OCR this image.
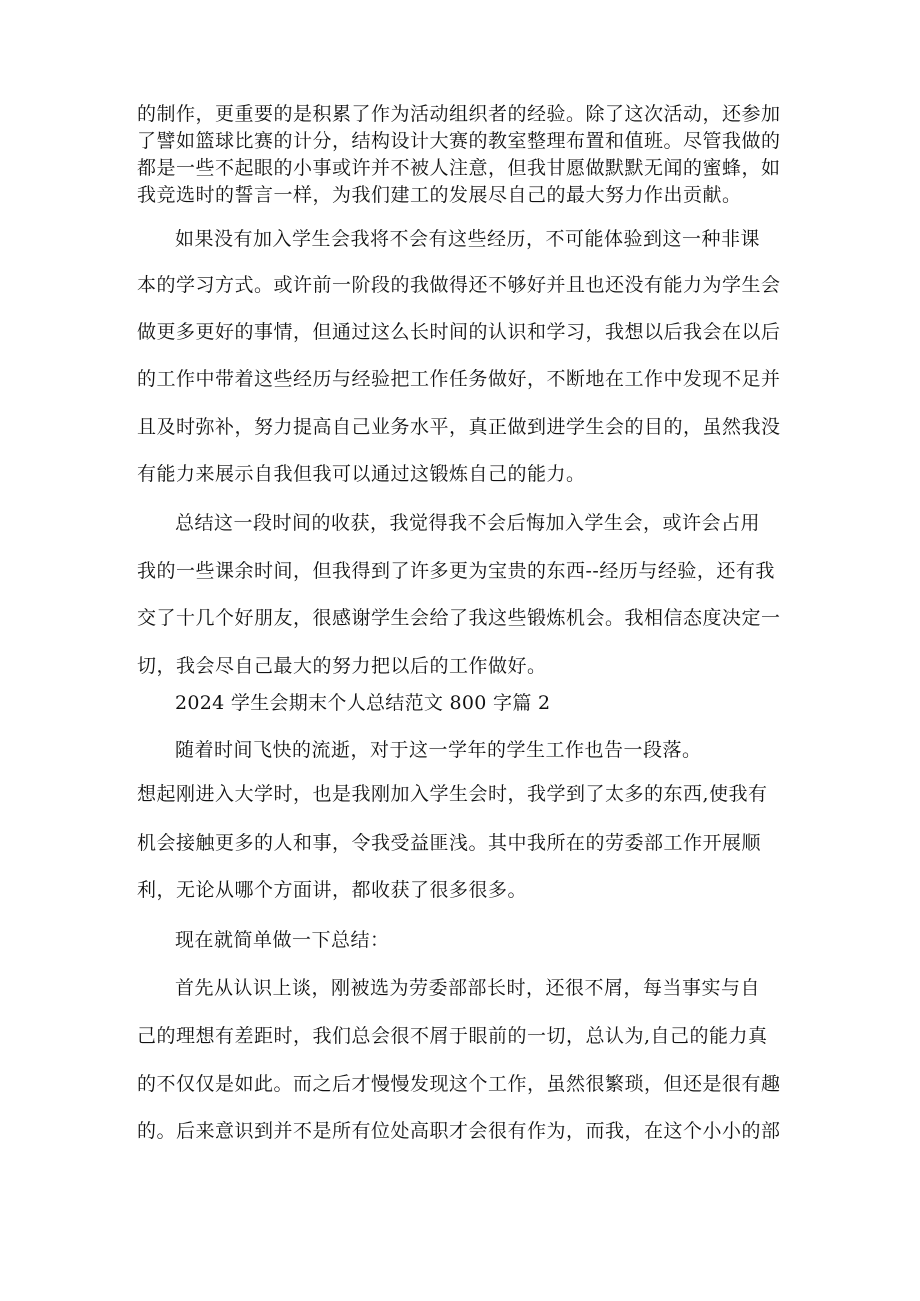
的制作，更重要的是积累了作为活动组织者的经验。除了这次活动，还参加
了譬如篮球比赛的计分，结构设计大赛的教室整理布置和值班。尽管我做的
都是一些不起眼的小事或许并不被人注意，但我甘愿做默默无闻的蜜蜂，如
我竞选时的誓言一样，为我们建工的发展尽自己的最大努力作出贡献。
如果没有加入学生会我将不会有这些经历，不可能体验到这一种非课
本的学习方式。或许前一阶段的我做得还不够好并且也还没有能力为学生会
做更多更好的事情，但通过这么长时间的认识和学习，我想以后我会在以后
的工作中带着这些经历与经验把工作任务做好，不断地在工作中发现不足并
且及时弥补，努力提高自己业务水平，真正做到进学生会的目的，虽然我没
有能力来展示自我但我可以通过这锻炼自己的能力。
总结这一段时间的收获，我觉得我不会后悔加入学生会，或许会占用
我的一些课余时间，但我得到了许多更为宝贵的东西--经历与经验，还有我
交了十几个好朋友，很感谢学生会给了我这些锻炼机会。我相信态度决定一
切，我会尽自己最大的努力把以后的工作做好。
2024 学生会期末个人总结范文 800 字篇 2
随着时间飞快的流逝，对于这一学年的学生工作也告一段落。
想起刚进入大学时，也是我刚加入学生会时，我学到了太多的东西,使我有
机会接触更多的人和事，令我受益匪浅。其中我所在的劳委部工作开展顺
利，无论从哪个方面讲，都收获了很多很多。
现在就简单做一下总结：
首先从认识上谈，刚被选为劳委部部长时，还很不屑，每当事实与自
己的理想有差距时，我们总会很不屑于眼前的一切，总认为,自己的能力真
的不仅仅是如此。而之后才慢慢发现这个工作，虽然很繁琐，但还是很有趣
的。后来意识到并不是所有位处高职才会很有作为，而我，在这个小小的部
